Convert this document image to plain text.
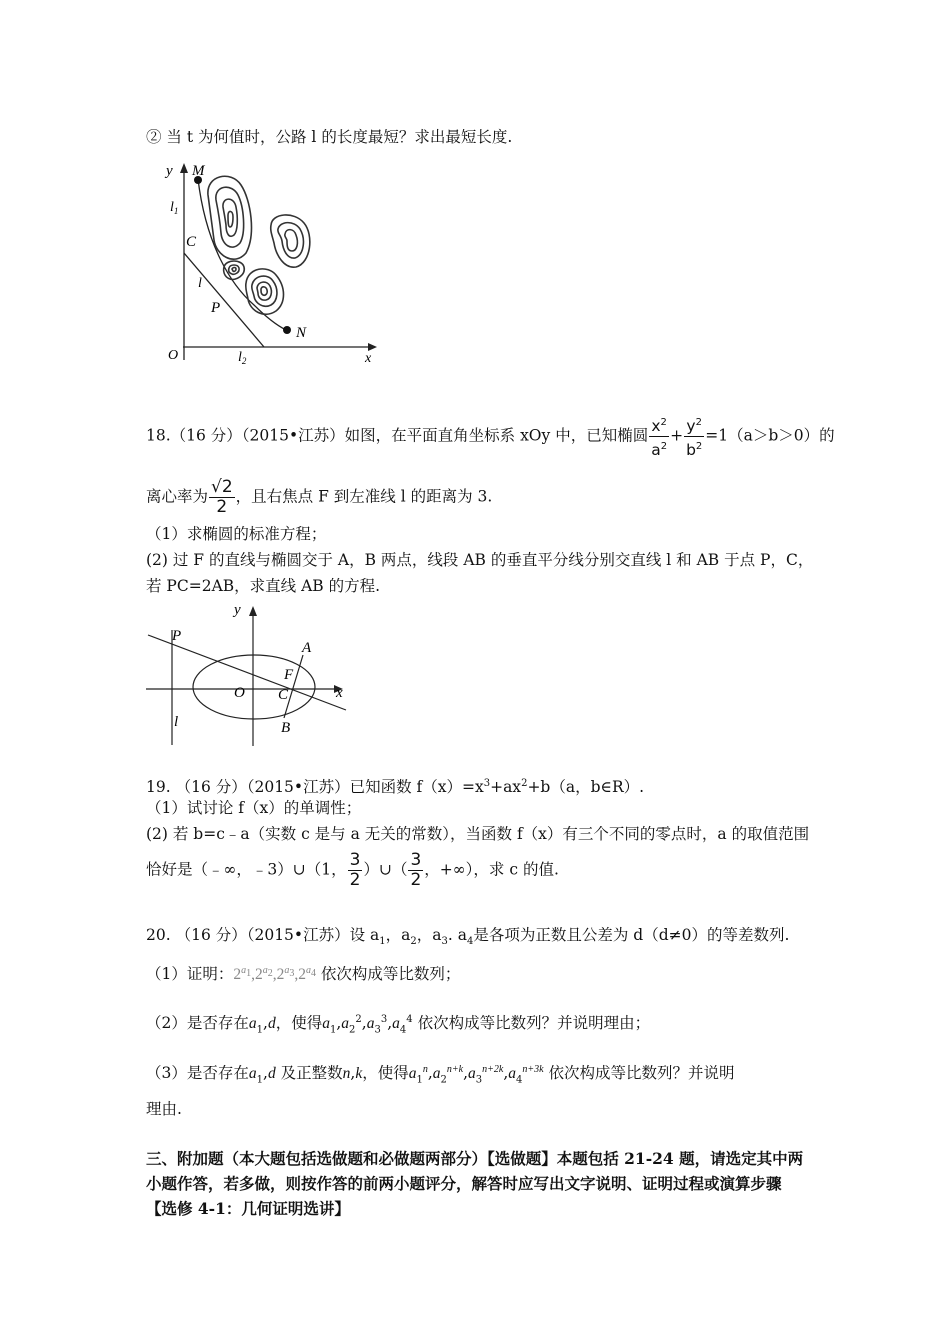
② 当 t 为何值时，公路 l 的长度最短？求出最短长度.
y M
$l_1$
C
l
P
N
O	$l_2$	x
18.（16 分）（2015•江苏）如图，在平面直角坐标系 xOy 中，已知椭圆 $\frac{x^2}{a^2} + \frac{y^2}{b^2} =1(a>b>0)$的
离心率为 $\frac{√2}{2}$ ，且右焦点 F 到左准线 l 的距离为 3.
（1）求椭圆的标准方程；
(2) 过 F 的直线与椭圆交于 A，B 两点，线段 AB 的垂直平分线分别交直线 l 和 AB 于点 P，C，
若 PC=2AB，求直线 AB 的方程.
y
P
A
F
O C	x
l	B
19. （16 分）（2015•江苏）已知函数 $f(x)=x^3+ax^2+b(a$，b∈R）.
（1）试讨论 f（x）的单调性；
(2) 若 b=c﹣a（实数 c 是与 a 无关的常数），当函数 f（x）有三个不同的零点时，a 的取值范围
恰好是（﹣∞，﹣3）∪（1， $\frac{3}{2}$ ）∪（ $\frac{3}{2}$ ，+∞），求 c 的值.
20. （16 分）（2015•江苏）设 $a_1$，$a_2$，$a_3$. $a_4$是各项为正数且公差为 d（d≠0）的等差数列.
（1）证明：$2^{a_1},2^{a_2},2^{a_3},2^{a_4}$ 依次构成等比数列；
（2）是否存在$a_1,d$，使得$a_1,a_2^2,a_3^3,a_4^4$ 依次构成等比数列？并说明理由；
（3）是否存在$a_1,d$ 及正整数n,k，使得$a_1^n,a_2^{n+k},a_3^{n+2k},a_4^{n+3k}$ 依次构成等比数列？并说明
理由.
三、附加题（本大题包括选做题和必做题两部分）【选做题】本题包括 21-24 题，请选定其中两
小题作答，若多做，则按作答的前两小题评分，解答时应写出文字说明、证明过程或演算步骤
【选修 4-1：几何证明选讲】
